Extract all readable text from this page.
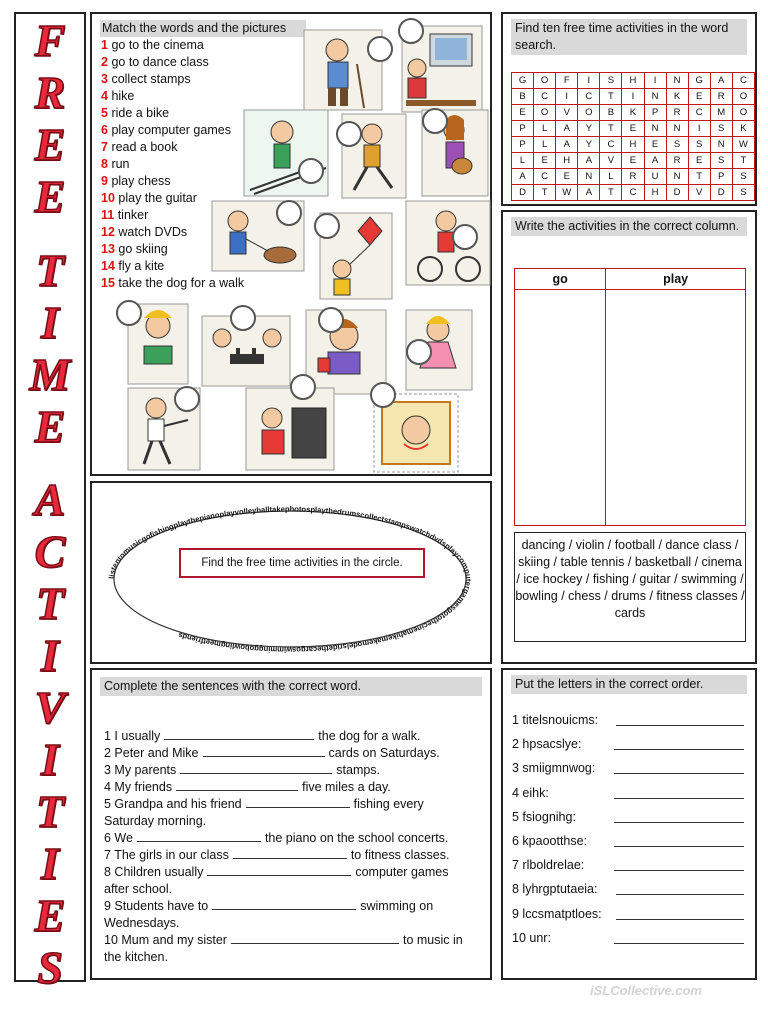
F
R
E
E
T
I
M
E
A
C
T
I
V
I
T
I
E
S
Match the words and the pictures
1 go to the cinema
2 go to dance class
3 collect stamps
4 hike
5 ride a bike
6 play computer games
7 read a book
8 run
9 play chess
10 play the guitar
11 tinker
12 watch DVDs
13 go skiing
14 fly a kite
15 take the dog for a walk
Find ten free time activities in the word search.
G	O	F	I	S	H	I	N	G	A	C
B	C	I	C	T	I	N	K	E	R	O
E	O	V	O	B	K	P	R	C	M	O
P	L	A	Y	T	E	N	N	I	S	K
P	L	A	Y	C	H	E	S	S	N	W
L	E	H	A	V	E	A	R	E	S	T
A	C	E	N	L	R	U	N	T	P	S
D	T	W	A	T	C	H	D	V	D	S
Write the activities in the correct column.
go	play

dancing / violin / football / dance class / skiing / table tennis / basketball / cinema / ice hockey / fishing / guitar / swimming / bowling / chess / drums / fitness classes / cards
listentomusicgofishingplaythepianoplayvolleyballtakephotosplaythedrumscollectstampswatchdvdsplaycomputergamesgotothecinemahikemakemodelsridethecargoswimminggobowlingmeetfriends
Find the free time activities in the circle.
Complete the sentences with the correct word.
1 I usually	the dog for a walk.
2 Peter and Mike	cards on Saturdays.
3 My parents	stamps.
4 My friends	five miles a day.
5 Grandpa and his friend	fishing every
Saturday morning.
6 We	the piano on the school concerts.
7 The girls in our class	to fitness classes.
8 Children usually	computer games
after school.
9 Students have to	swimming on
Wednesdays.
10 Mum and my sister	to music in
the kitchen.
Put the letters in the correct order.
1 titelsnouicms:
2 hpsacslye:
3 smiigmnwog:
4 eihk:
5 fsiognihg:
6 kpaootthse:
7 rlboldrelae:
8 lyhrgptutaeia:
9 lccsmatptloes:
10 unr:
iSLCollective.com
